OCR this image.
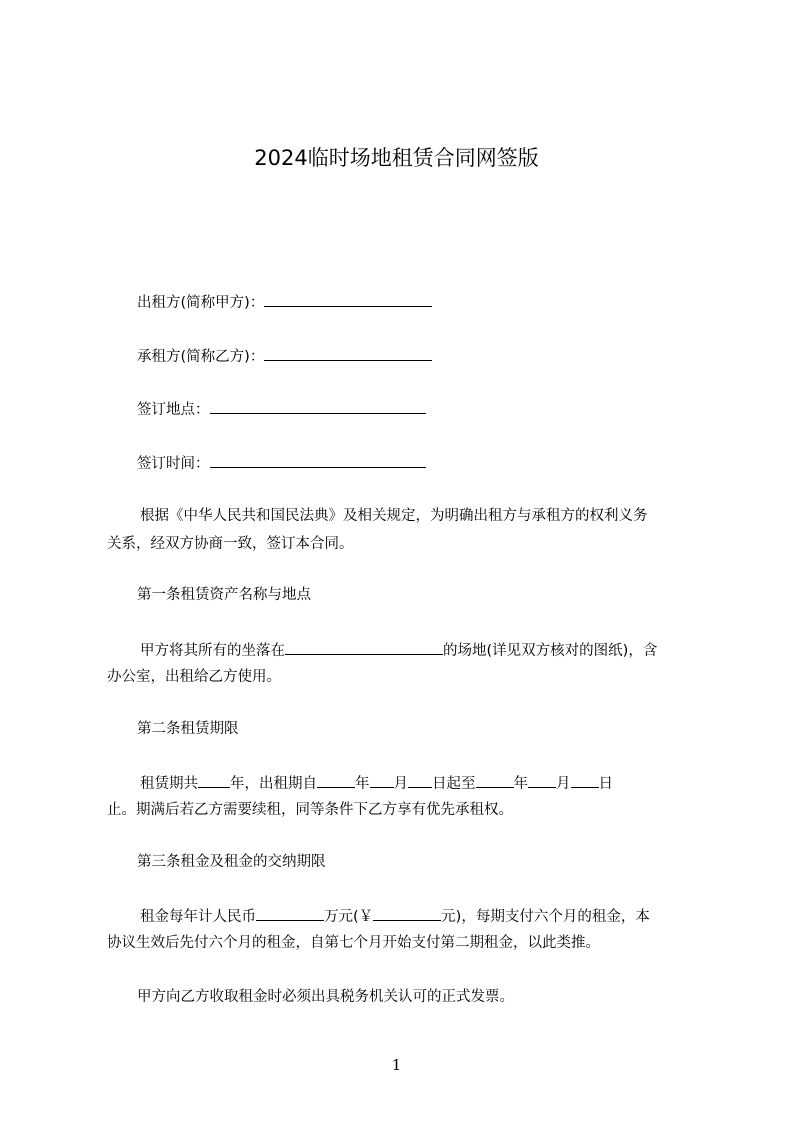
2024临时场地租赁合同网签版
出租方(简称甲方)：
承租方(简称乙方)：
签订地点：
签订时间：
根据《中华人民共和国民法典》及相关规定，为明确出租方与承租方的权利义务
关系，经双方协商一致，签订本合同。
第一条租赁资产名称与地点
甲方将其所有的坐落在	的场地(详见双方核对的图纸)，含
办公室，出租给乙方使用。
第二条租赁期限
租赁期共 年，出租期自	年 月 日起至	年 月 日
止。期满后若乙方需要续租，同等条件下乙方享有优先承租权。
第三条租金及租金的交纳期限
租金每年计人民币	万元(￥	元)，每期支付六个月的租金，本
协议生效后先付六个月的租金，自第七个月开始支付第二期租金，以此类推。
甲方向乙方收取租金时必须出具税务机关认可的正式发票。
1
